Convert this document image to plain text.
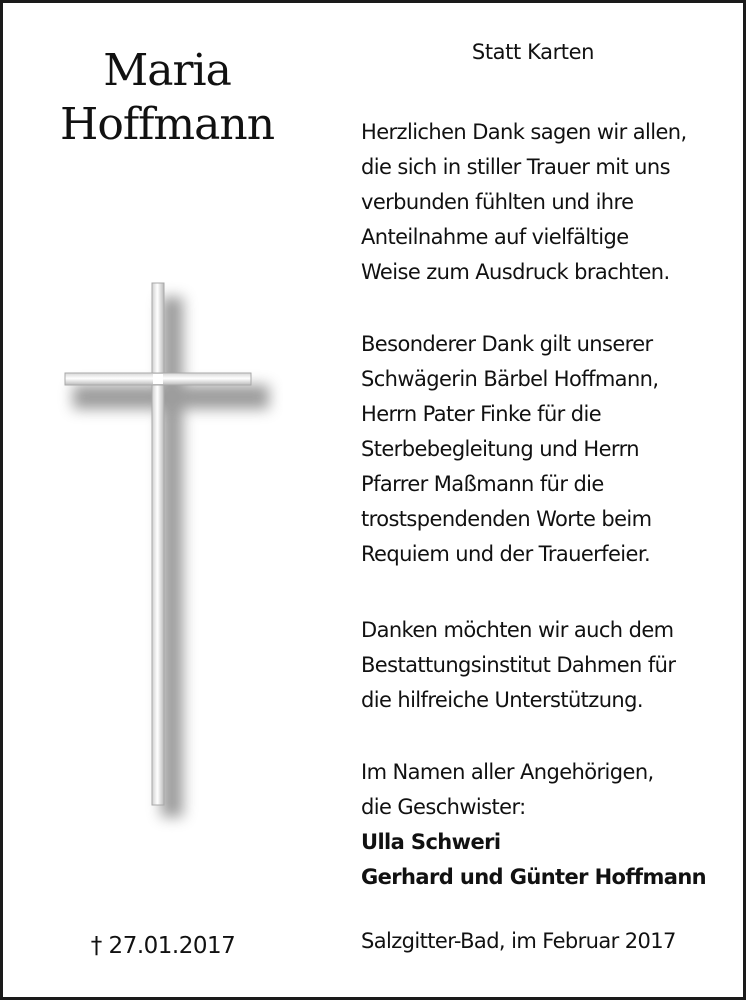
Maria
Hoffmann
† 27.01.2017
Statt Karten
Herzlichen Dank sagen wir allen,
die sich in stiller Trauer mit uns
verbunden fühlten und ihre
Anteilnahme auf vielfältige
Weise zum Ausdruck brachten.
Besonderer Dank gilt unserer
Schwägerin Bärbel Hoffmann,
Herrn Pater Finke für die
Sterbebegleitung und Herrn
Pfarrer Maßmann für die
trostspendenden Worte beim
Requiem und der Trauerfeier.
Danken möchten wir auch dem
Bestattungsinstitut Dahmen für
die hilfreiche Unterstützung.
Im Namen aller Angehörigen,
die Geschwister:
Ulla Schweri
Gerhard und Günter Hoffmann
Salzgitter-Bad, im Februar 2017
